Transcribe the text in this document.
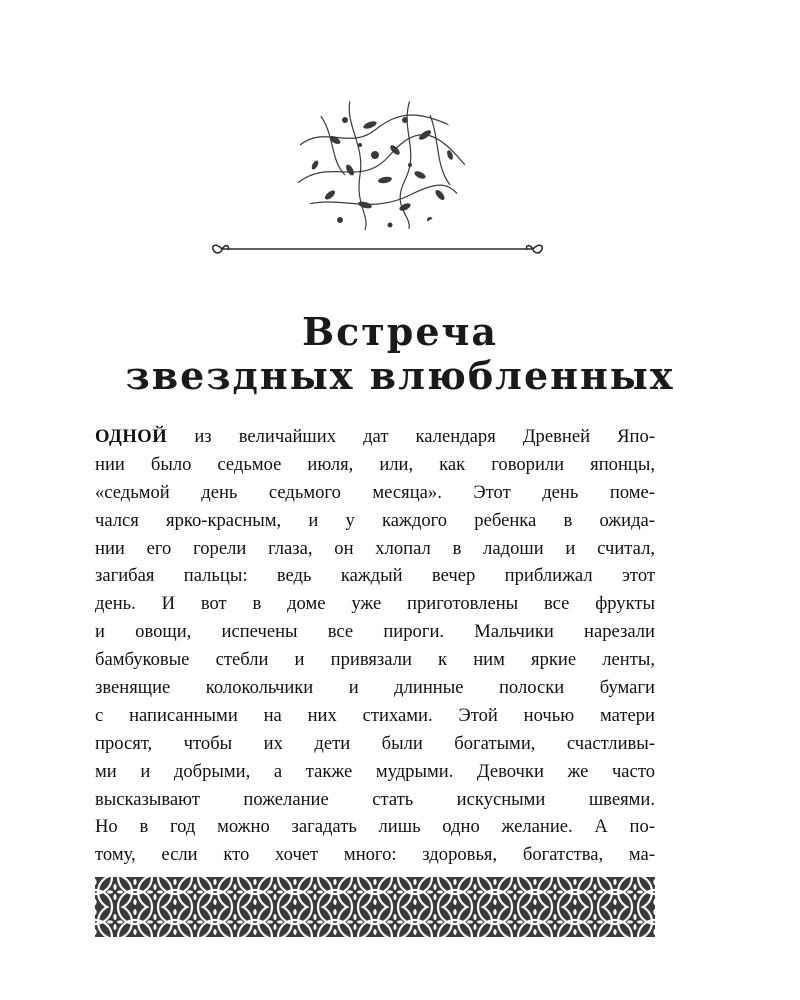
Встреча
звездных влюбленных
ОДНОЙ из величайших дат календаря Древней Япо-
нии было седьмое июля, или, как говорили японцы,
«седьмой день седьмого месяца». Этот день поме-
чался ярко-красным, и у каждого ребенка в ожида-
нии его горели глаза, он хлопал в ладоши и считал,
загибая пальцы: ведь каждый вечер приближал этот
день. И вот в доме уже приготовлены все фрукты
и овощи, испечены все пироги. Мальчики нарезали
бамбуковые стебли и привязали к ним яркие ленты,
звенящие колокольчики и длинные полоски бумаги
с написанными на них стихами. Этой ночью матери
просят, чтобы их дети были богатыми, счастливы-
ми и добрыми, а также мудрыми. Девочки же часто
высказывают пожелание стать искусными швеями.
Но в год можно загадать лишь одно желание. А по-
тому, если кто хочет много: здоровья, богатства, ма-
